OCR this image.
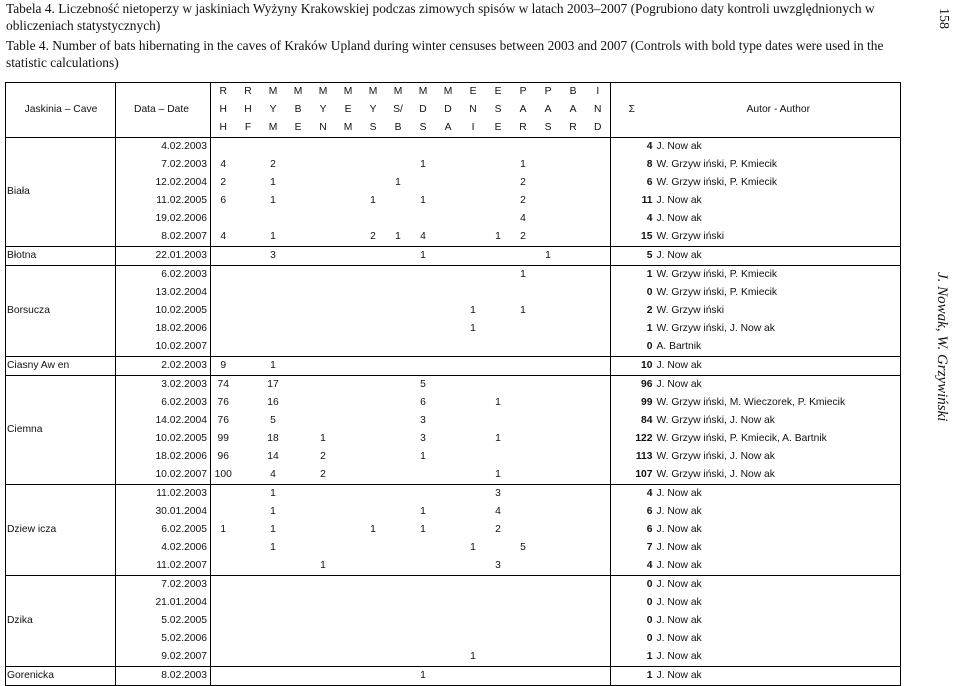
Tabela 4. Liczebność nietoperzy w jaskiniach Wyżyny Krakowskiej podczas zimowych spisów w latach 2003–2007 (Pogrubiono daty kontroli uwzględnionych w obliczeniach statystycznych)
Table 4. Number of bats hibernating in the caves of Kraków Upland during winter censuses between 2003 and 2007 (Controls with bold type dates were used in the statistic calculations)
158
J. Nowak, W. Grzywiński
Jaskinia – Cave	Data – Date	R	R	M	M	M	M	M	M	M	M	E	E	P	P	B	I	Σ	Autor - Author
		H	H	Y	B	Y	E	Y	S/	D	D	N	S	A	A	A	N		
		H	F	M	E	N	M	S	B	S	A	I	E	R	S	R	D		
Biała	4.02.2003																	4	J. Now ak
	7.02.2003	4		2						1				1				8	W. Grzyw iński, P. Kmiecik
	12.02.2004	2		1					1					2				6	W. Grzyw iński, P. Kmiecik
	11.02.2005	6		1				1		1				2				11	J. Now ak
	19.02.2006													4				4	J. Now ak
	8.02.2007	4		1				2	1	4			1	2				15	W. Grzyw iński
Błotna	22.01.2003			3						1					1			5	J. Now ak
Borsucza	6.02.2003													1				1	W. Grzyw iński, P. Kmiecik
	13.02.2004																	0	W. Grzyw iński, P. Kmiecik
	10.02.2005											1		1				2	W. Grzyw iński
	18.02.2006											1						1	W. Grzyw iński, J. Now ak
	10.02.2007																	0	A. Bartnik
Ciasny Aw en	2.02.2003	9		1														10	J. Now ak
Ciemna	3.02.2003	74		17						5								96	J. Now ak
	6.02.2003	76		16						6			1					99	W. Grzyw iński, M. Wieczorek, P. Kmiecik
	14.02.2004	76		5						3								84	W. Grzyw iński, J. Now ak
	10.02.2005	99		18		1				3			1					122	W. Grzyw iński, P. Kmiecik, A. Bartnik
	18.02.2006	96		14		2				1								113	W. Grzyw iński, J. Now ak
	10.02.2007	100		4		2							1					107	W. Grzyw iński, J. Now ak
Dziew icza	11.02.2003			1									3					4	J. Now ak
	30.01.2004			1						1			4					6	J. Now ak
	6.02.2005	1		1				1		1			2					6	J. Now ak
	4.02.2006			1								1		5				7	J. Now ak
	11.02.2007					1							3					4	J. Now ak
Dzika	7.02.2003																	0	J. Now ak
	21.01.2004																	0	J. Now ak
	5.02.2005																	0	J. Now ak
	5.02.2006																	0	J. Now ak
	9.02.2007											1						1	J. Now ak
Gorenicka	8.02.2003									1								1	J. Now ak
